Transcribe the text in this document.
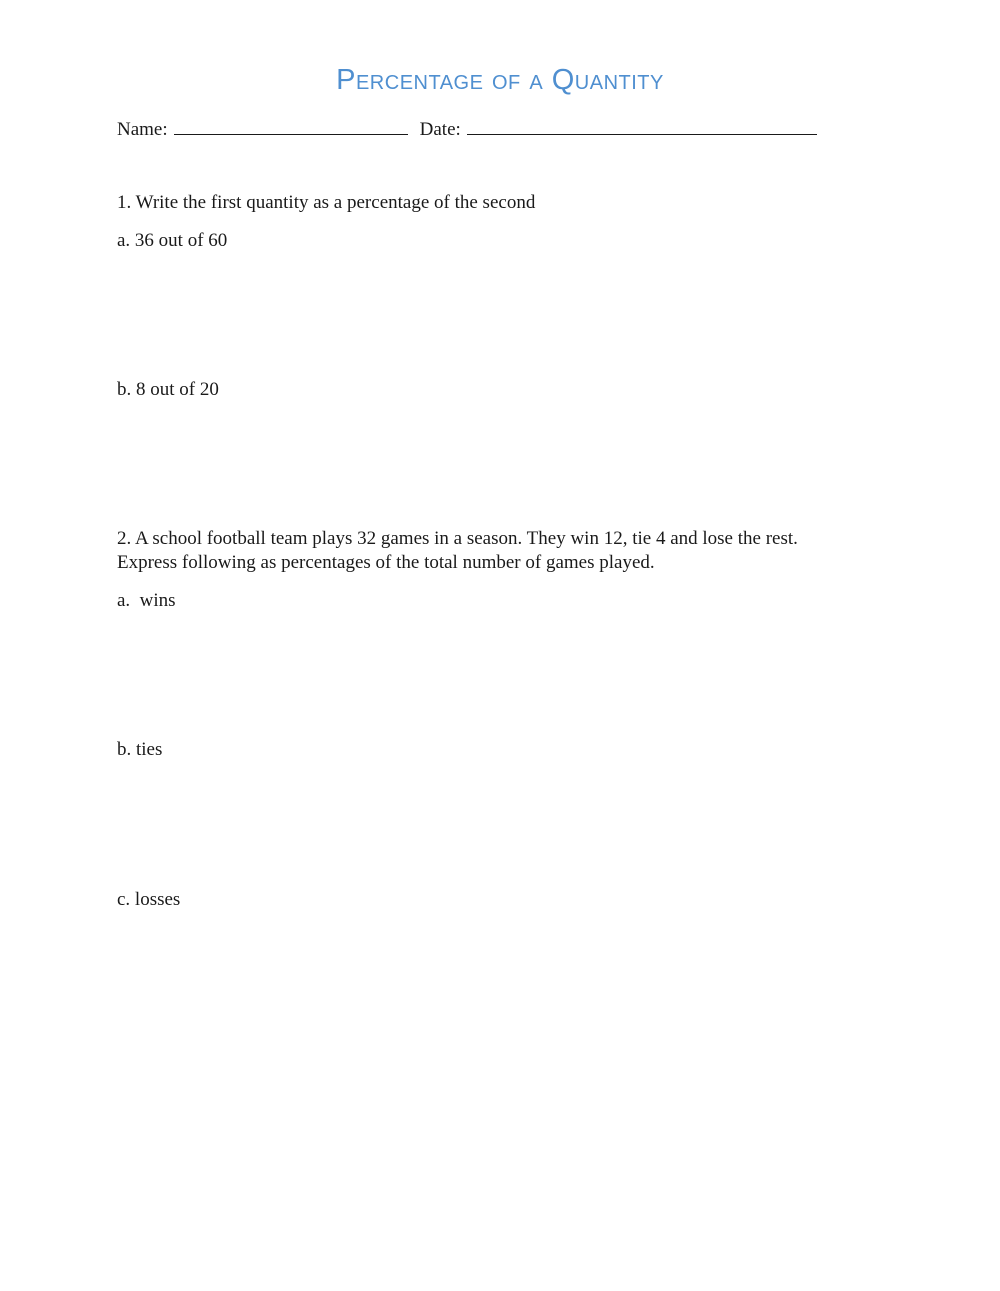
Percentage of a Quantity
Name:	Date:
1. Write the first quantity as a percentage of the second
a. 36 out of 60
b. 8 out of 20
2. A school football team plays 32 games in a season. They win 12, tie 4 and lose the rest.
Express following as percentages of the total number of games played.
a.  wins
b. ties
c. losses
